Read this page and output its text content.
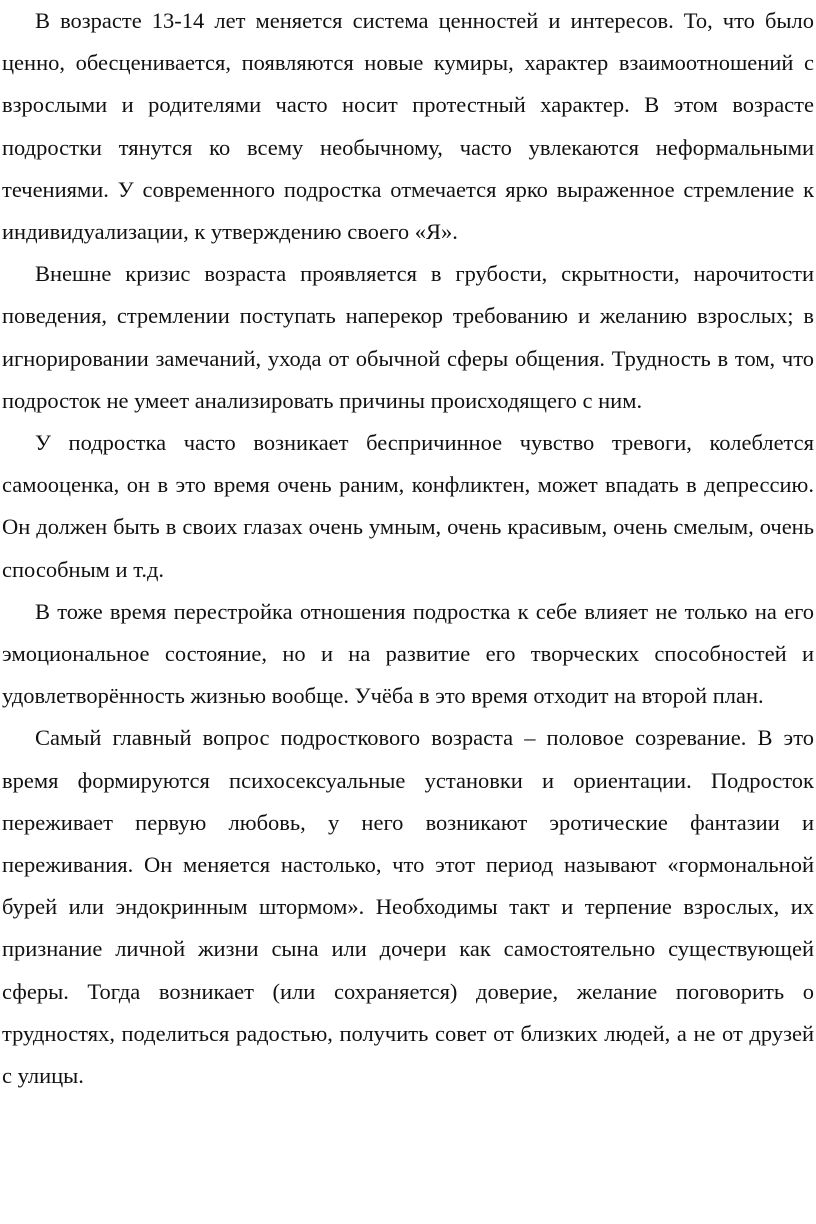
В возрасте 13-14 лет меняется система ценностей и интересов. То, что было ценно, обесценивается, появляются новые кумиры, характер взаимоотношений с взрослыми и родителями часто носит протестный характер. В этом возрасте подростки тянутся ко всему необычному, часто увлекаются неформальными течениями. У современного подростка отмечается ярко выраженное стремление к индивидуализации, к утверждению своего «Я».

Внешне кризис возраста проявляется в грубости, скрытности, нарочитости поведения, стремлении поступать наперекор требованию и желанию взрослых; в игнорировании замечаний, ухода от обычной сферы общения. Трудность в том, что подросток не умеет анализировать причины происходящего с ним.

У подростка часто возникает беспричинное чувство тревоги, колеблется самооценка, он в это время очень раним, конфликтен, может впадать в депрессию. Он должен быть в своих глазах очень умным, очень красивым, очень смелым, очень способным и т.д.

В тоже время перестройка отношения подростка к себе влияет не только на его эмоциональное состояние, но и на развитие его творческих способностей и удовлетворённость жизнью вообще. Учёба в это время отходит на второй план.

Самый главный вопрос подросткового возраста – половое созревание. В это время формируются психосексуальные установки и ориентации. Подросток переживает первую любовь, у него возникают эротические фантазии и переживания. Он меняется настолько, что этот период называют «гормональной бурей или эндокринным штормом». Необходимы такт и терпение взрослых, их признание личной жизни сына или дочери как самостоятельно существующей сферы. Тогда возникает (или сохраняется) доверие, желание поговорить о трудностях, поделиться радостью, получить совет от близких людей, а не от друзей с улицы.
